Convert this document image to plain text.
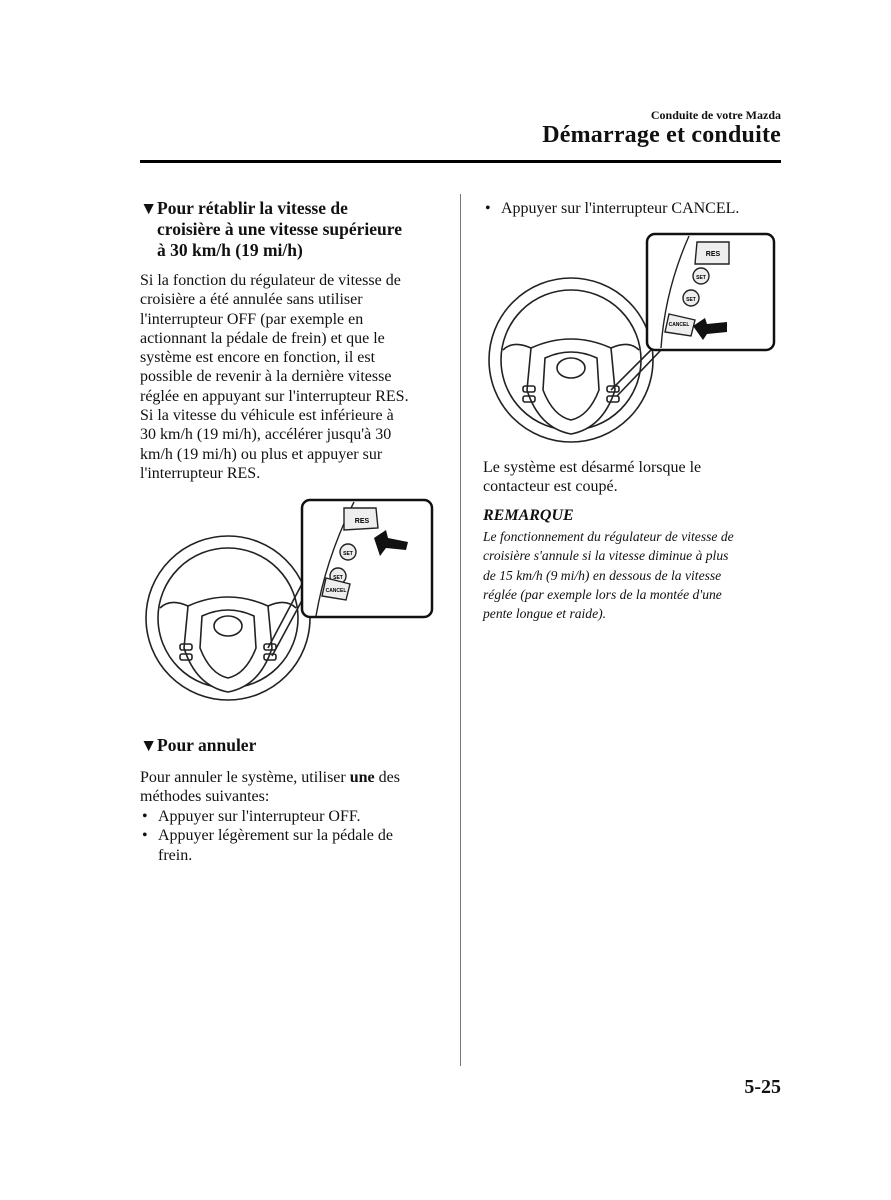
Conduite de votre Mazda
Démarrage et conduite
▼Pour rétablir la vitesse de
croisière à une vitesse supérieure
à 30 km/h (19 mi/h)
Si la fonction du régulateur de vitesse de
croisière a été annulée sans utiliser
l'interrupteur OFF (par exemple en
actionnant la pédale de frein) et que le
système est encore en fonction, il est
possible de revenir à la dernière vitesse
réglée en appuyant sur l'interrupteur RES.
Si la vitesse du véhicule est inférieure à
30 km/h (19 mi/h), accélérer jusqu'à 30
km/h (19 mi/h) ou plus et appuyer sur
l'interrupteur RES.
RES
SET
SET
CANCEL
▼Pour annuler
Pour annuler le système, utiliser une des
méthodes suivantes:
• Appuyer sur l'interrupteur OFF.
• Appuyer légèrement sur la pédale de
frein.
• Appuyer sur l'interrupteur CANCEL.
RES
SET
SET
CANCEL
Le système est désarmé lorsque le
contacteur est coupé.
REMARQUE
Le fonctionnement du régulateur de vitesse de
croisière s'annule si la vitesse diminue à plus
de 15 km/h (9 mi/h) en dessous de la vitesse
réglée (par exemple lors de la montée d'une
pente longue et raide).
5-25
